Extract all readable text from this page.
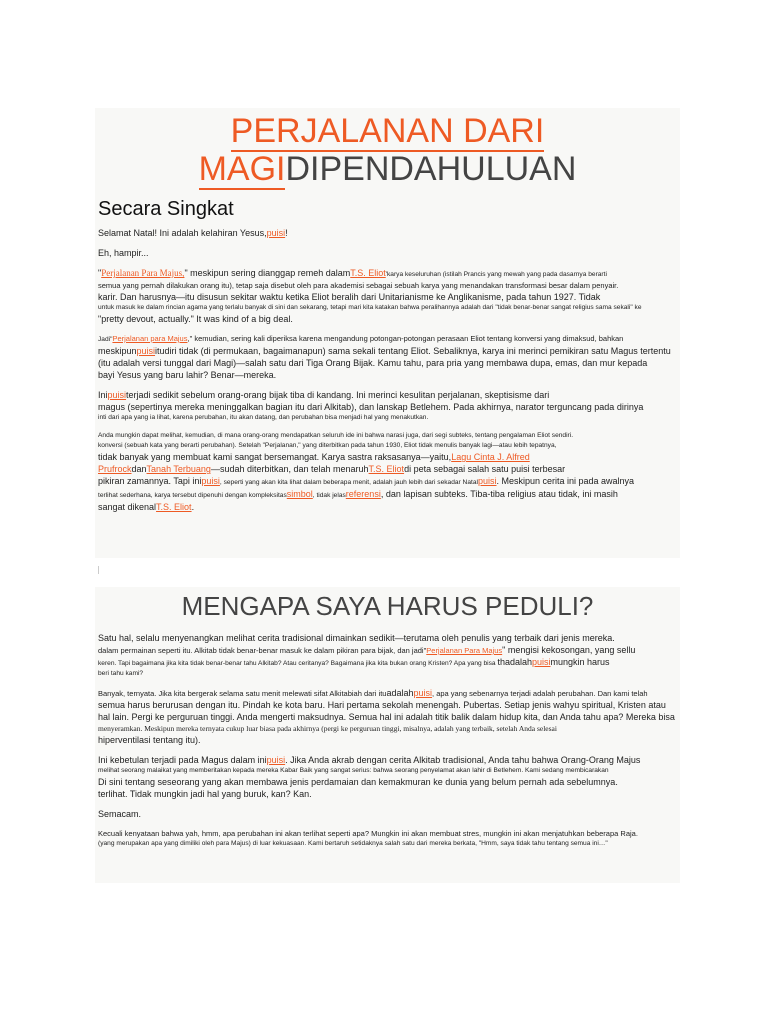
PERJALANAN DARI
MAGIDIPENDAHULUAN
Secara Singkat

Selamat Natal! Ini adalah kelahiran Yesus,puisi!

Eh, hampir...

"Perjalanan Para Majus," meskipun sering dianggap remeh dalamT.S. Eliot'karya keseluruhan (istilah Prancis yang mewah yang pada dasarnya berarti

semua yang pernah dilakukan orang itu), tetap saja disebut oleh para akademisi sebagai sebuah karya yang menandakan transformasi besar dalam penyair.

karir. Dan harusnya—itu disusun sekitar waktu ketika Eliot beralih dari Unitarianisme ke Anglikanisme, pada tahun 1927. Tidak

untuk masuk ke dalam rincian agama yang terlalu banyak di sini dan sekarang, tetapi mari kita katakan bahwa peralihannya adalah dari "tidak benar-benar sangat religius sama sekali" ke

"pretty devout, actually." It was kind of a big deal.

Jadi"Perjalanan para Majus," kemudian, sering kali diperiksa karena mengandung potongan-potongan perasaan Eliot tentang konversi yang dimaksud, bahkan

meskipunpuisiitudiri tidak (di permukaan, bagaimanapun) sama sekali tentang Eliot. Sebaliknya, karya ini merinci pemikiran satu Magus tertentu

(itu adalah versi tunggal dari Magi)—salah satu dari Tiga Orang Bijak. Kamu tahu, para pria yang membawa dupa, emas, dan mur kepada

bayi Yesus yang baru lahir? Benar—mereka.

Inipuisiterjadi sedikit sebelum orang-orang bijak tiba di kandang. Ini merinci kesulitan perjalanan, skeptisisme dari

magus (sepertinya mereka meninggalkan bagian itu dari Alkitab), dan lanskap Betlehem. Pada akhirnya, narator terguncang pada dirinya

inti dari apa yang ia lihat, karena perubahan, itu akan datang, dan perubahan bisa menjadi hal yang menakutkan.

Anda mungkin dapat melihat, kemudian, di mana orang-orang mendapatkan seluruh ide ini bahwa narasi juga, dari segi subteks, tentang pengalaman Eliot sendiri.

konversi (sebuah kata yang berarti perubahan). Setelah "Perjalanan," yang diterbitkan pada tahun 1930, Eliot tidak menulis banyak lagi—atau lebih tepatnya,

tidak banyak yang membuat kami sangat bersemangat. Karya sastra raksasanya—yaitu,Lagu Cinta J. Alfred

PrufrockdanTanah Terbuang—sudah diterbitkan, dan telah menaruhT.S. Eliotdi peta sebagai salah satu puisi terbesar

pikiran zamannya. Tapi inipuisi, seperti yang akan kita lihat dalam beberapa menit, adalah jauh lebih dari sekadar Natalpuisi. Meskipun cerita ini pada awalnya

terlihat sederhana, karya tersebut dipenuhi dengan kompleksitassimbol, tidak jelasreferensi, dan lapisan subteks. Tiba-tiba religius atau tidak, ini masih

sangat dikenalT.S. Eliot.

MENGAPA SAYA HARUS PEDULI?

Satu hal, selalu menyenangkan melihat cerita tradisional dimainkan sedikit—terutama oleh penulis yang terbaik dari jenis mereka.

dalam permainan seperti itu. Alkitab tidak benar-benar masuk ke dalam pikiran para bijak, dan jadi"Perjalanan Para Majus" mengisi kekosongan, yang sellu

keren. Tapi bagaimana jika kita tidak benar-benar tahu Alkitab? Atau ceritanya? Bagaimana jika kita bukan orang Kristen? Apa yang bisa thadalahpuisimungkin harus

beri tahu kami?

Banyak, ternyata. Jika kita bergerak selama satu menit melewati sifat Alkitabiah dari ituadalahpuisi, apa yang sebenarnya terjadi adalah perubahan. Dan kami telah

semua harus berurusan dengan itu. Pindah ke kota baru. Hari pertama sekolah menengah. Pubertas. Setiap jenis wahyu spiritual, Kristen atau

hal lain. Pergi ke perguruan tinggi. Anda mengerti maksudnya. Semua hal ini adalah titik balik dalam hidup kita, dan Anda tahu apa? Mereka bisa

menyeramkan. Meskipun mereka ternyata cukup luar biasa pada akhirnya (pergi ke perguruan tinggi, misalnya, adalah yang terbaik, setelah Anda selesai

hiperventilasi tentang itu).

Ini kebetulan terjadi pada Magus dalam inipuisi. Jika Anda akrab dengan cerita Alkitab tradisional, Anda tahu bahwa Orang-Orang Majus

melihat seorang malaikat yang memberitakan kepada mereka Kabar Baik yang sangat serius: bahwa seorang penyelamat akan lahir di Betlehem. Kami sedang membicarakan

Di sini tentang seseorang yang akan membawa jenis perdamaian dan kemakmuran ke dunia yang belum pernah ada sebelumnya.

terlihat. Tidak mungkin jadi hal yang buruk, kan? Kan.

Semacam.

Kecuali kenyataan bahwa yah, hmm, apa perubahan ini akan terlihat seperti apa? Mungkin ini akan membuat stres, mungkin ini akan menjatuhkan beberapa Raja.

(yang merupakan apa yang dimiliki oleh para Majus) di luar kekuasaan. Kami bertaruh setidaknya salah satu dari mereka berkata, "Hmm, saya tidak tahu tentang semua ini…"
